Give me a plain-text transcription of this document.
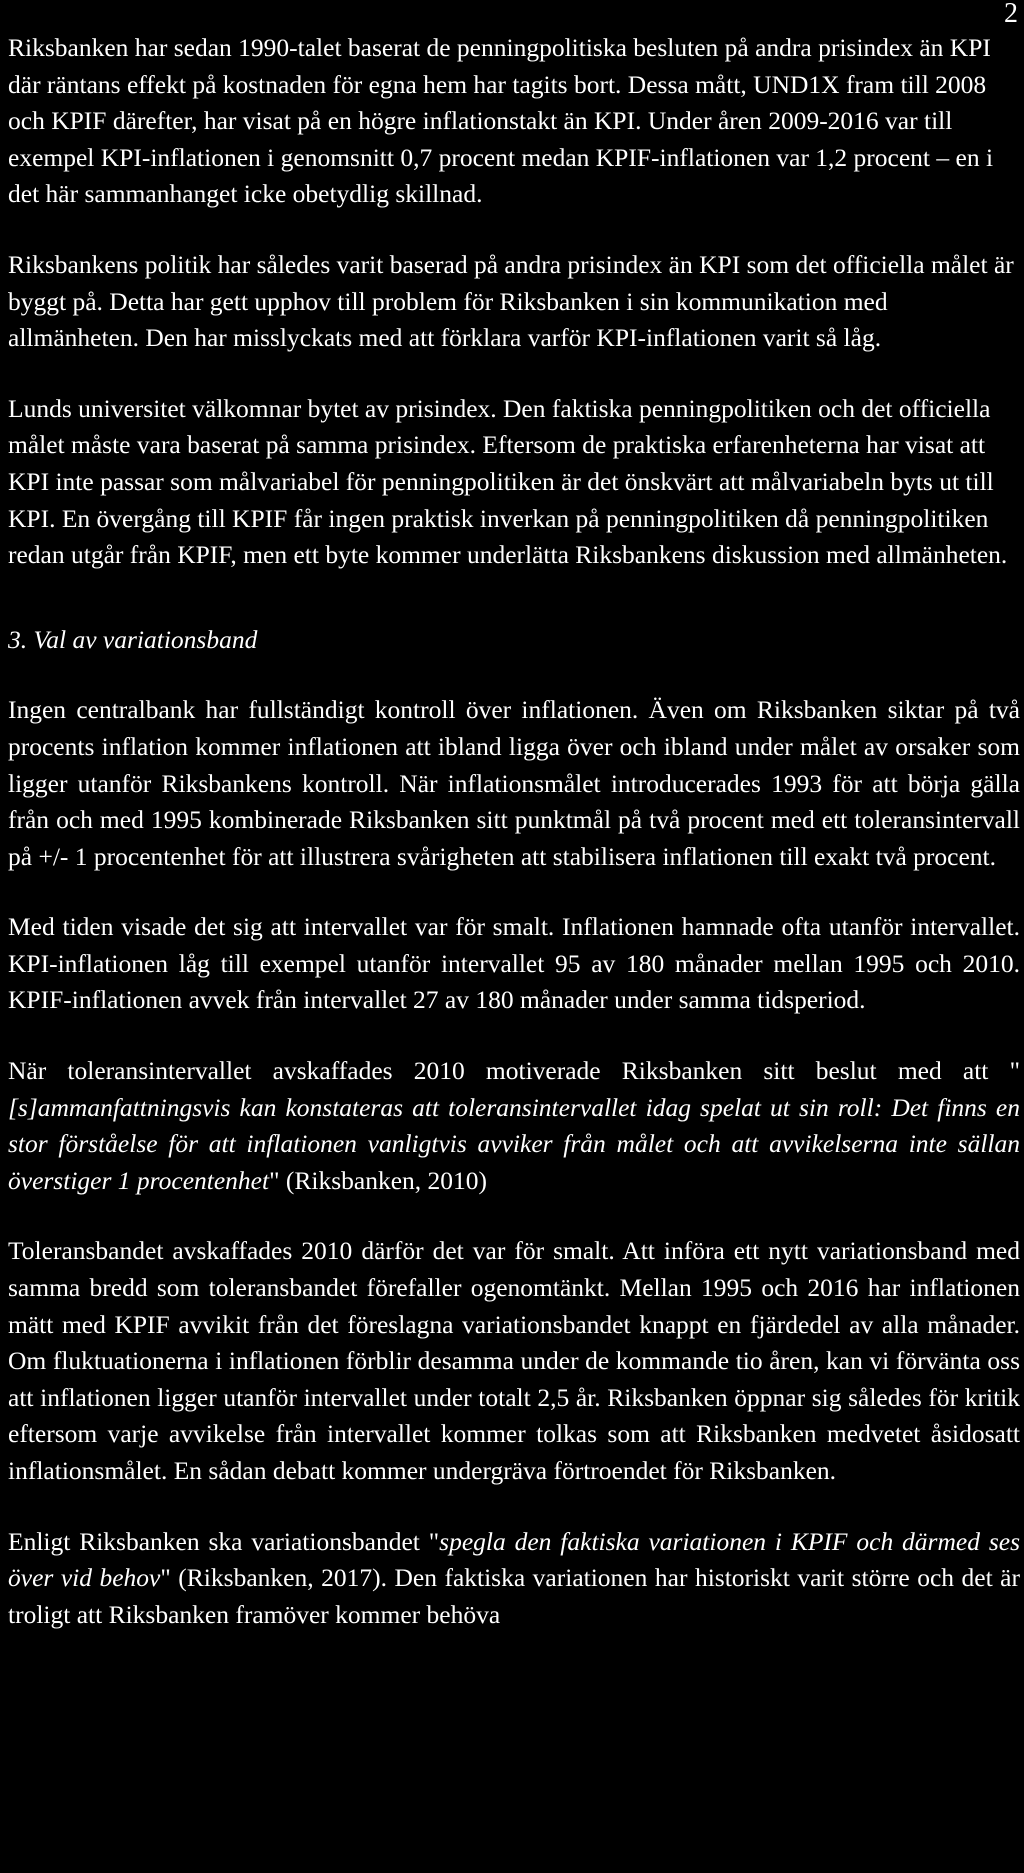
2

Riksbanken har sedan 1990-talet baserat de penningpolitiska besluten på andra prisindex än KPI där räntans effekt på kostnaden för egna hem har tagits bort. Dessa mått, UND1X fram till 2008 och KPIF därefter, har visat på en högre inflationstakt än KPI. Under åren 2009-2016 var till exempel KPI-inflationen i genomsnitt 0,7 procent medan KPIF-inflationen var 1,2 procent – en i det här sammanhanget icke obetydlig skillnad.

Riksbankens politik har således varit baserad på andra prisindex än KPI som det officiella målet är byggt på. Detta har gett upphov till problem för Riksbanken i sin kommunikation med allmänheten. Den har misslyckats med att förklara varför KPI-inflationen varit så låg.

Lunds universitet välkomnar bytet av prisindex. Den faktiska penningpolitiken och det officiella målet måste vara baserat på samma prisindex. Eftersom de praktiska erfarenheterna har visat att KPI inte passar som målvariabel för penningpolitiken är det önskvärt att målvariabeln byts ut till KPI. En övergång till KPIF får ingen praktisk inverkan på penningpolitiken då penningpolitiken redan utgår från KPIF, men ett byte kommer underlätta Riksbankens diskussion med allmänheten.

3. Val av variationsband

Ingen centralbank har fullständigt kontroll över inflationen. Även om Riksbanken siktar på två procents inflation kommer inflationen att ibland ligga över och ibland under målet av orsaker som ligger utanför Riksbankens kontroll. När inflationsmålet introducerades 1993 för att börja gälla från och med 1995 kombinerade Riksbanken sitt punktmål på två procent med ett toleransintervall på +/- 1 procentenhet för att illustrera svårigheten att stabilisera inflationen till exakt två procent.

Med tiden visade det sig att intervallet var för smalt. Inflationen hamnade ofta utanför intervallet. KPI-inflationen låg till exempel utanför intervallet 95 av 180 månader mellan 1995 och 2010. KPIF-inflationen avvek från intervallet 27 av 180 månader under samma tidsperiod.

När toleransintervallet avskaffades 2010 motiverade Riksbanken sitt beslut med att "[s]ammanfattningsvis kan konstateras att toleransintervallet idag spelat ut sin roll: Det finns en stor förståelse för att inflationen vanligtvis avviker från målet och att avvikelserna inte sällan överstiger 1 procentenhet" (Riksbanken, 2010)

Toleransbandet avskaffades 2010 därför det var för smalt. Att införa ett nytt variationsband med samma bredd som toleransbandet förefaller ogenomtänkt. Mellan 1995 och 2016 har inflationen mätt med KPIF avvikit från det föreslagna variationsbandet knappt en fjärdedel av alla månader. Om fluktuationerna i inflationen förblir desamma under de kommande tio åren, kan vi förvänta oss att inflationen ligger utanför intervallet under totalt 2,5 år. Riksbanken öppnar sig således för kritik eftersom varje avvikelse från intervallet kommer tolkas som att Riksbanken medvetet åsidosatt inflationsmålet. En sådan debatt kommer undergräva förtroendet för Riksbanken.

Enligt Riksbanken ska variationsbandet "spegla den faktiska variationen i KPIF och därmed ses över vid behov" (Riksbanken, 2017). Den faktiska variationen har historiskt varit större och det är troligt att Riksbanken framöver kommer behöva
